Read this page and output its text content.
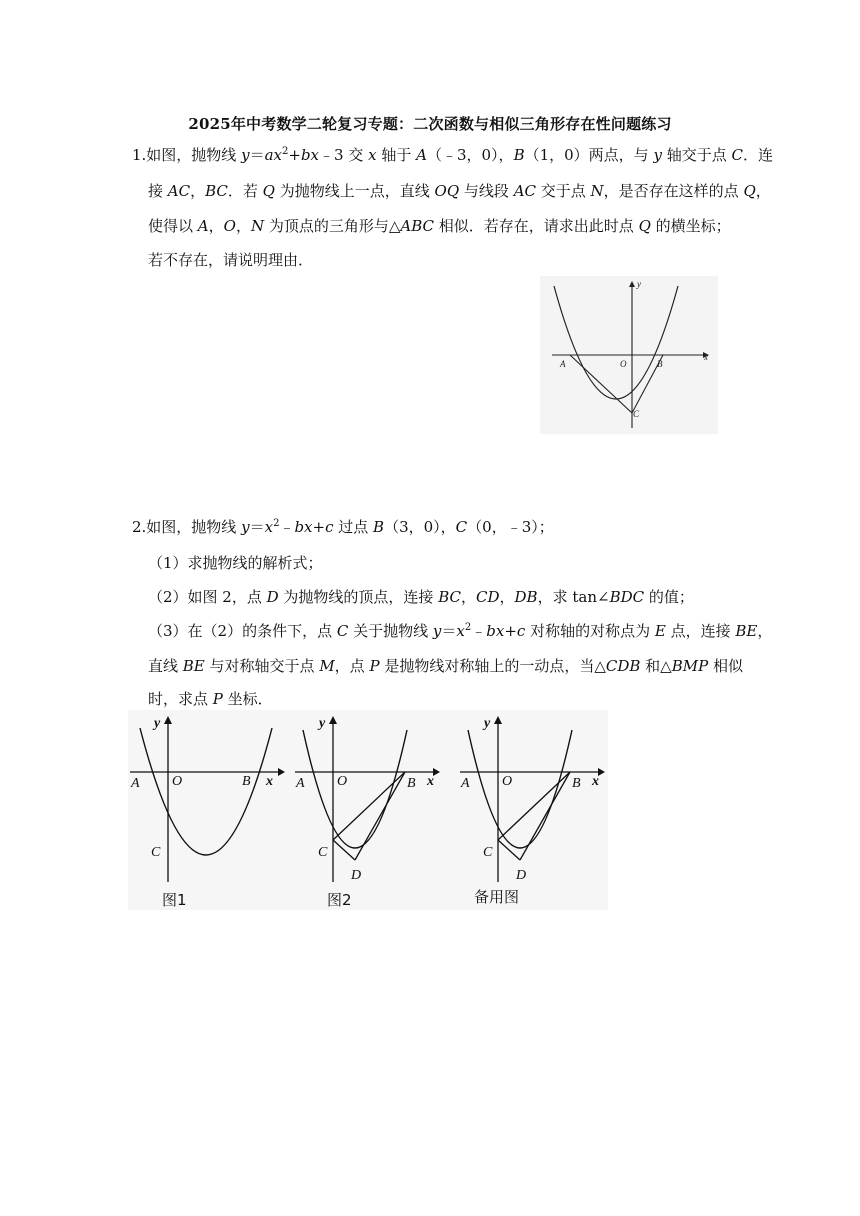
2025年中考数学二轮复习专题：二次函数与相似三角形存在性问题练习
1.如图，抛物线 $y=ax^2+bx﹣3$ 交 x 轴于 A（﹣3，0），B（1，0）两点，与 y 轴交于点 C．连
接 AC，BC．若 Q 为抛物线上一点，直线 OQ 与线段 AC 交于点 N，是否存在这样的点 Q，
使得以 A，O，N 为顶点的三角形与△ABC 相似．若存在，请求出此时点 Q 的横坐标；
若不存在，请说明理由．
y
x
A	O	B
C
2.如图，抛物线 $y=x^2﹣bx+c$ 过点 B（3，0），C（0，﹣3）；
（1）求抛物线的解析式；
（2）如图 2，点 D 为抛物线的顶点，连接 BC，CD，DB，求 tan∠BDC 的值；
（3）在（2）的条件下，点 C 关于抛物线 $y=x^2﹣bx+c$ 对称轴的对称点为 E 点，连接 BE，
直线 BE 与对称轴交于点 M，点 P 是抛物线对称轴上的一动点，当△CDB 和△BMP 相似
时，求点 P 坐标．
y
x
A O	B
C
图1
y
x
A O	B
C
D
图2
y
x
A O	B
C
D
备用图
